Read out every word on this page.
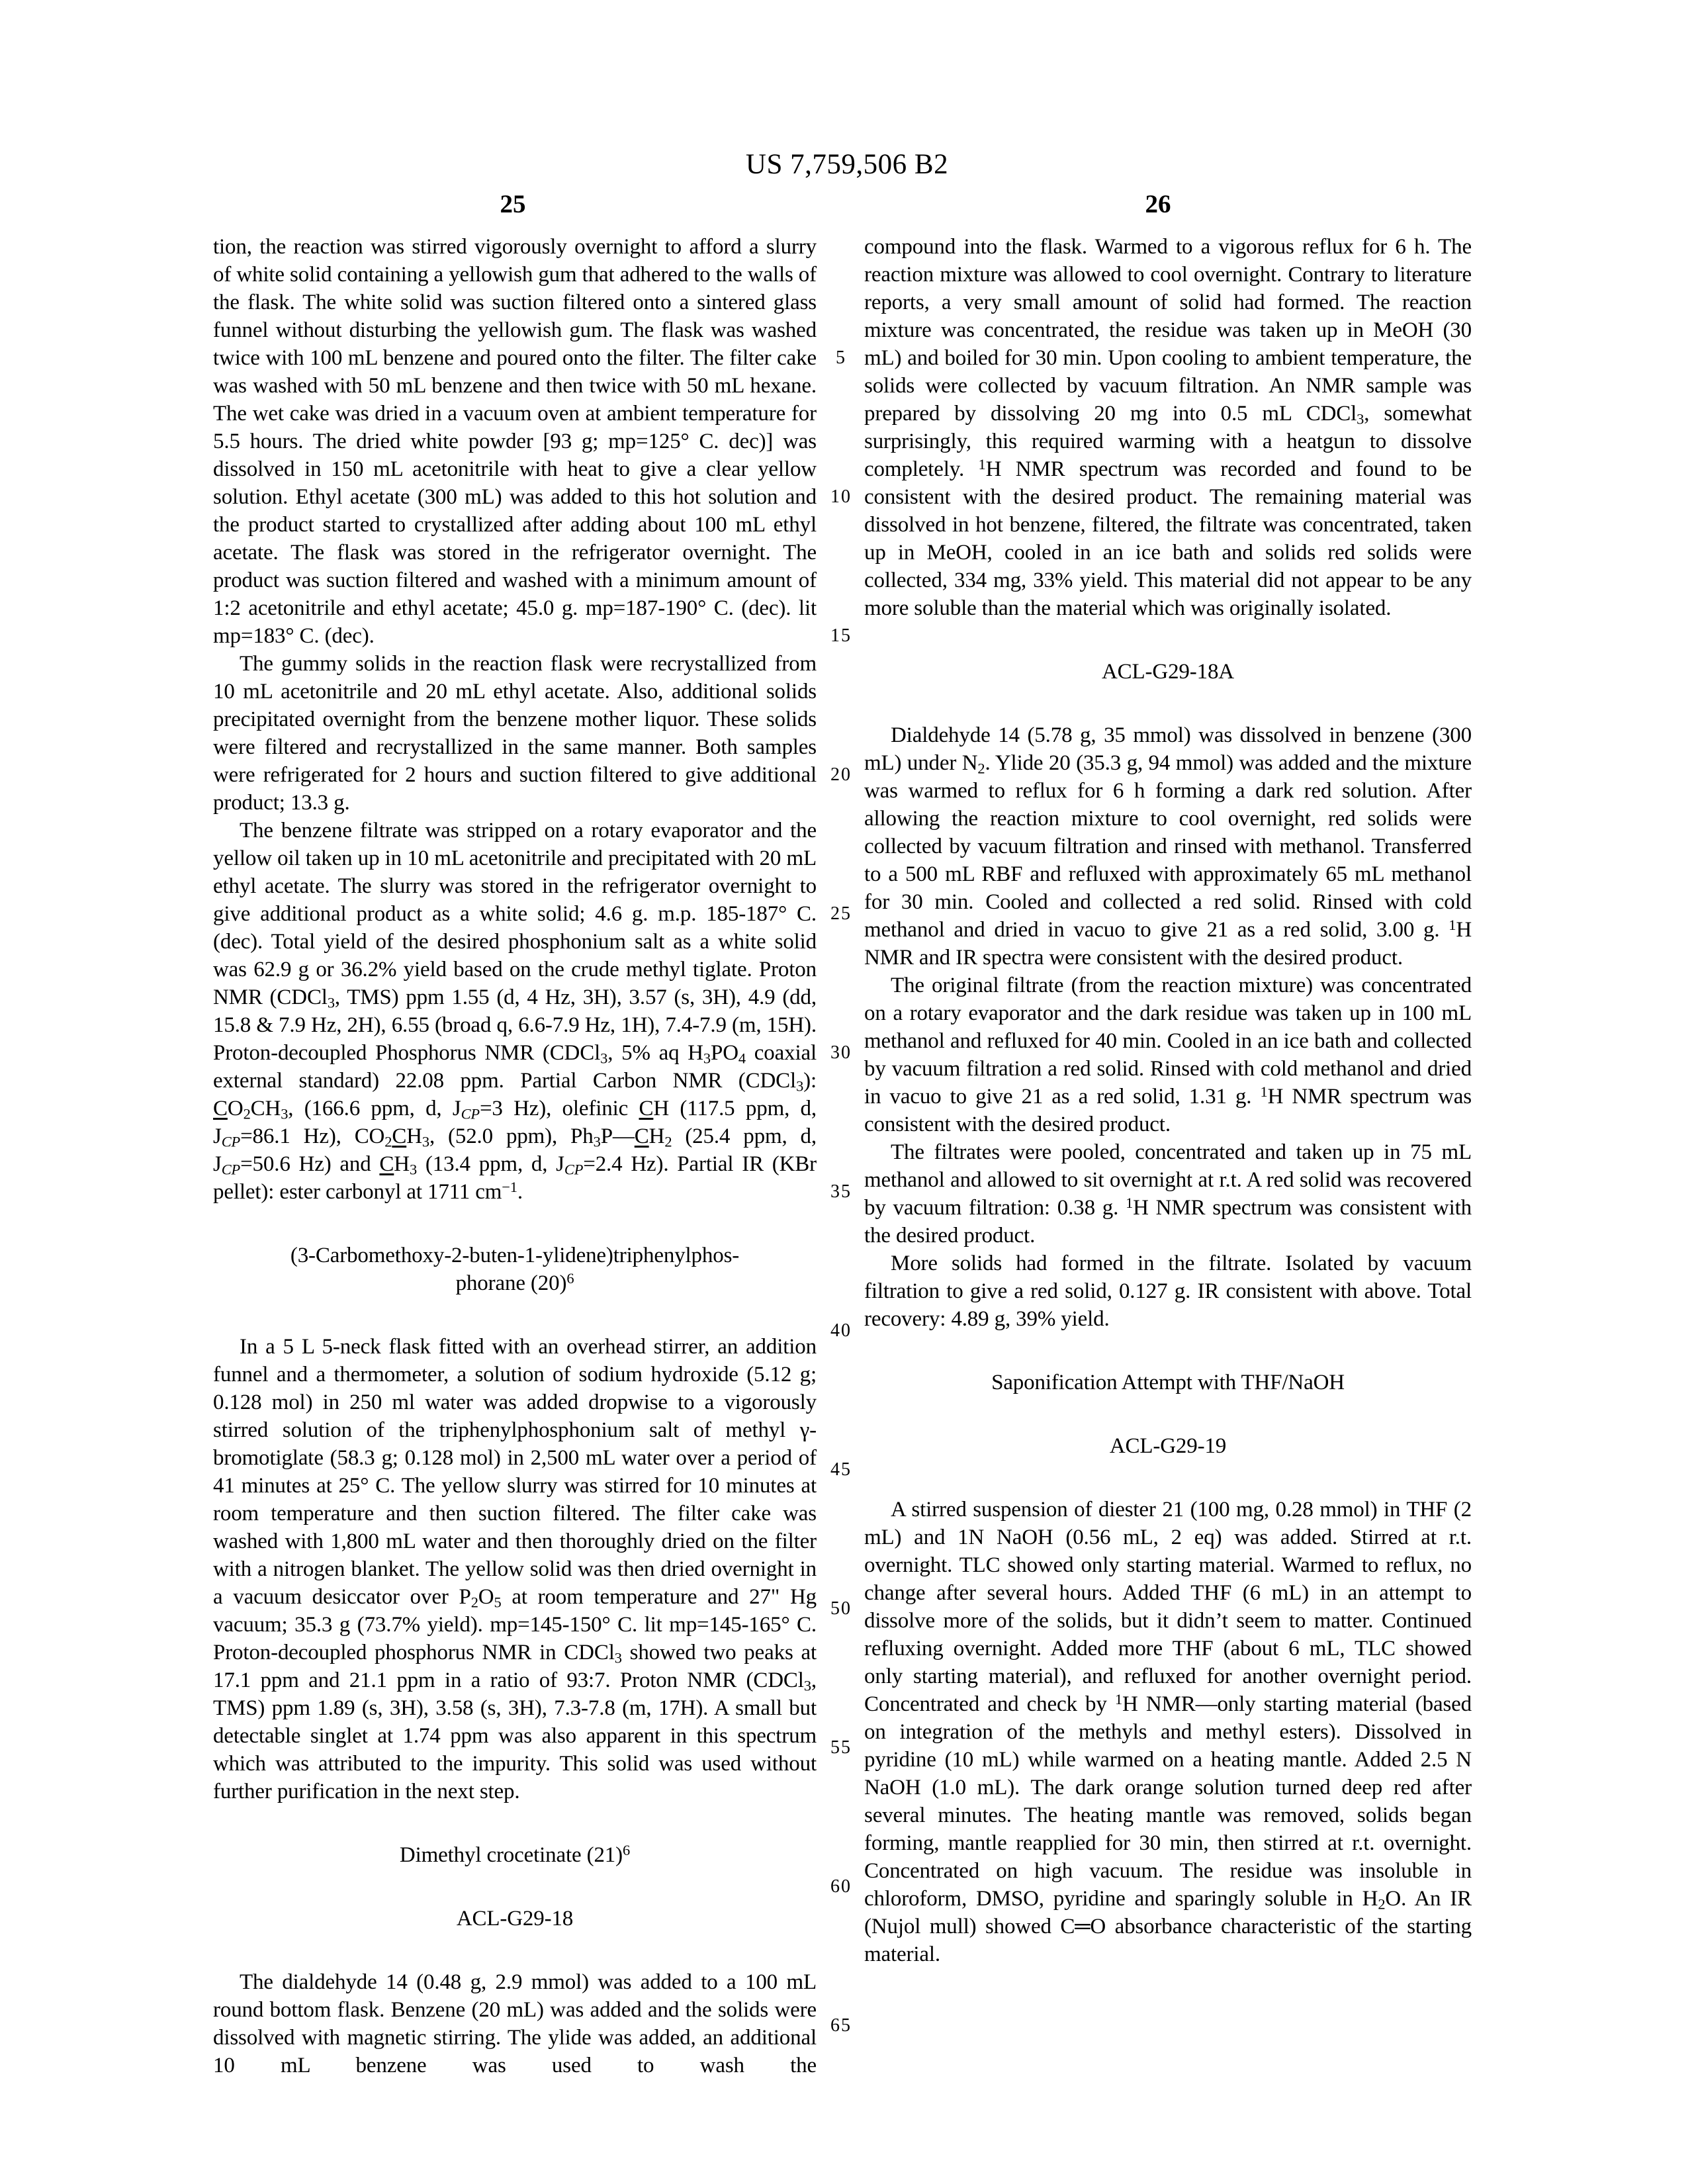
US 7,759,506 B2
25	26
5
10
15
20
25
30
35
40
45
50
55
60
65

tion, the reaction was stirred vigorously overnight to afford a slurry of white solid containing a yellowish gum that adhered to the walls of the flask. The white solid was suction filtered onto a sintered glass funnel without disturbing the yellowish gum. The flask was washed twice with 100 mL benzene and poured onto the filter. The filter cake was washed with 50 mL benzene and then twice with 50 mL hexane. The wet cake was dried in a vacuum oven at ambient temperature for 5.5 hours. The dried white powder [93 g; mp=125° C. dec)] was dissolved in 150 mL acetonitrile with heat to give a clear yellow solution. Ethyl acetate (300 mL) was added to this hot solution and the product started to crystallized after adding about 100 mL ethyl acetate. The flask was stored in the refrigerator overnight. The product was suction filtered and washed with a minimum amount of 1:2 acetonitrile and ethyl acetate; 45.0 g. mp=187-190° C. (dec). lit mp=183° C. (dec).

The gummy solids in the reaction flask were recrystallized from 10 mL acetonitrile and 20 mL ethyl acetate. Also, additional solids precipitated overnight from the benzene mother liquor. These solids were filtered and recrystallized in the same manner. Both samples were refrigerated for 2 hours and suction filtered to give additional product; 13.3 g.

The benzene filtrate was stripped on a rotary evaporator and the yellow oil taken up in 10 mL acetonitrile and precipitated with 20 mL ethyl acetate. The slurry was stored in the refrigerator overnight to give additional product as a white solid; 4.6 g. m.p. 185-187° C. (dec). Total yield of the desired phosphonium salt as a white solid was 62.9 g or 36.2% yield based on the crude methyl tiglate. Proton NMR (CDCl$_3$, TMS) ppm 1.55 (d, 4 Hz, 3H), 3.57 (s, 3H), 4.9 (dd, 15.8 & 7.9 Hz, 2H), 6.55 (broad q, 6.6-7.9 Hz, 1H), 7.4-7.9 (m, 15H). Proton-decoupled Phosphorus NMR (CDCl$_3$, 5% aq $H_3PO_4$ coaxial external standard) 22.08 ppm. Partial Carbon NMR (CDCl$_3$): $CO_2CH_3$, (166.6 ppm, d, $J_{CP}=3$ Hz), olefinic CH (117.5 ppm, d, $J_{CP}=86.1$ Hz), $CO_2CH_3$, (52.0 ppm), $Ph_3P—CH_2$ (25.4 ppm, d, $J_{CP}=50.6$ Hz) and $CH_3$ (13.4 ppm, d, $J_{CP}=2.4$ Hz). Partial IR (KBr pellet): ester carbonyl at 1711 $cm^{-1}$.

(3-Carbomethoxy-2-buten-1-ylidene)triphenylphos-
phorane $(20)^6$

In a 5 L 5-neck flask fitted with an overhead stirrer, an addition funnel and a thermometer, a solution of sodium hydroxide (5.12 g; 0.128 mol) in 250 ml water was added dropwise to a vigorously stirred solution of the triphenylphosphonium salt of methyl γ-bromotiglate (58.3 g; 0.128 mol) in 2,500 mL water over a period of 41 minutes at 25° C. The yellow slurry was stirred for 10 minutes at room temperature and then suction filtered. The filter cake was washed with 1,800 mL water and then thoroughly dried on the filter with a nitrogen blanket. The yellow solid was then dried overnight in a vacuum desiccator over $P_2O_5$ at room temperature and 27" Hg vacuum; 35.3 g (73.7% yield). mp=145-150° C. lit mp=145-165° C. Proton-decoupled phosphorus NMR in CDCl$_3$ showed two peaks at 17.1 ppm and 21.1 ppm in a ratio of 93:7. Proton NMR (CDCl$_3$, TMS) ppm 1.89 (s, 3H), 3.58 (s, 3H), 7.3-7.8 (m, 17H). A small but detectable singlet at 1.74 ppm was also apparent in this spectrum which was attributed to the impurity. This solid was used without further purification in the next step.

Dimethyl crocetinate $(21)^6$
ACL-G29-18

The dialdehyde 14 (0.48 g, 2.9 mmol) was added to a 100 mL round bottom flask. Benzene (20 mL) was added and the solids were dissolved with magnetic stirring. The ylide was added, an additional 10 mL benzene was used to wash the

compound into the flask. Warmed to a vigorous reflux for 6 h. The reaction mixture was allowed to cool overnight. Contrary to literature reports, a very small amount of solid had formed. The reaction mixture was concentrated, the residue was taken up in MeOH (30 mL) and boiled for 30 min. Upon cooling to ambient temperature, the solids were collected by vacuum filtration. An NMR sample was prepared by dissolving 20 mg into 0.5 mL CDCl$_3$, somewhat surprisingly, this required warming with a heatgun to dissolve completely. $^1$H NMR spectrum was recorded and found to be consistent with the desired product. The remaining material was dissolved in hot benzene, filtered, the filtrate was concentrated, taken up in MeOH, cooled in an ice bath and solids red solids were collected, 334 mg, 33% yield. This material did not appear to be any more soluble than the material which was originally isolated.

ACL-G29-18A

Dialdehyde 14 (5.78 g, 35 mmol) was dissolved in benzene (300 mL) under $N_2$. Ylide 20 (35.3 g, 94 mmol) was added and the mixture was warmed to reflux for 6 h forming a dark red solution. After allowing the reaction mixture to cool overnight, red solids were collected by vacuum filtration and rinsed with methanol. Transferred to a 500 mL RBF and refluxed with approximately 65 mL methanol for 30 min. Cooled and collected a red solid. Rinsed with cold methanol and dried in vacuo to give 21 as a red solid, 3.00 g. $^1$H NMR and IR spectra were consistent with the desired product.

The original filtrate (from the reaction mixture) was concentrated on a rotary evaporator and the dark residue was taken up in 100 mL methanol and refluxed for 40 min. Cooled in an ice bath and collected by vacuum filtration a red solid. Rinsed with cold methanol and dried in vacuo to give 21 as a red solid, 1.31 g. $^1$H NMR spectrum was consistent with the desired product.

The filtrates were pooled, concentrated and taken up in 75 mL methanol and allowed to sit overnight at r.t. A red solid was recovered by vacuum filtration: 0.38 g. $^1$H NMR spectrum was consistent with the desired product.

More solids had formed in the filtrate. Isolated by vacuum filtration to give a red solid, 0.127 g. IR consistent with above. Total recovery: 4.89 g, 39% yield.

Saponification Attempt with THF/NaOH
ACL-G29-19

A stirred suspension of diester 21 (100 mg, 0.28 mmol) in THF (2 mL) and 1N NaOH (0.56 mL, 2 eq) was added. Stirred at r.t. overnight. TLC showed only starting material. Warmed to reflux, no change after several hours. Added THF (6 mL) in an attempt to dissolve more of the solids, but it didn’t seem to matter. Continued refluxing overnight. Added more THF (about 6 mL, TLC showed only starting material), and refluxed for another overnight period. Concentrated and check by $^1$H NMR—only starting material (based on integration of the methyls and methyl esters). Dissolved in pyridine (10 mL) while warmed on a heating mantle. Added 2.5 N NaOH (1.0 mL). The dark orange solution turned deep red after several minutes. The heating mantle was removed, solids began forming, mantle reapplied for 30 min, then stirred at r.t. overnight. Concentrated on high vacuum. The residue was insoluble in chloroform, DMSO, pyridine and sparingly soluble in $H_2O$. An IR (Nujol mull) showed C═O absorbance characteristic of the starting material.
